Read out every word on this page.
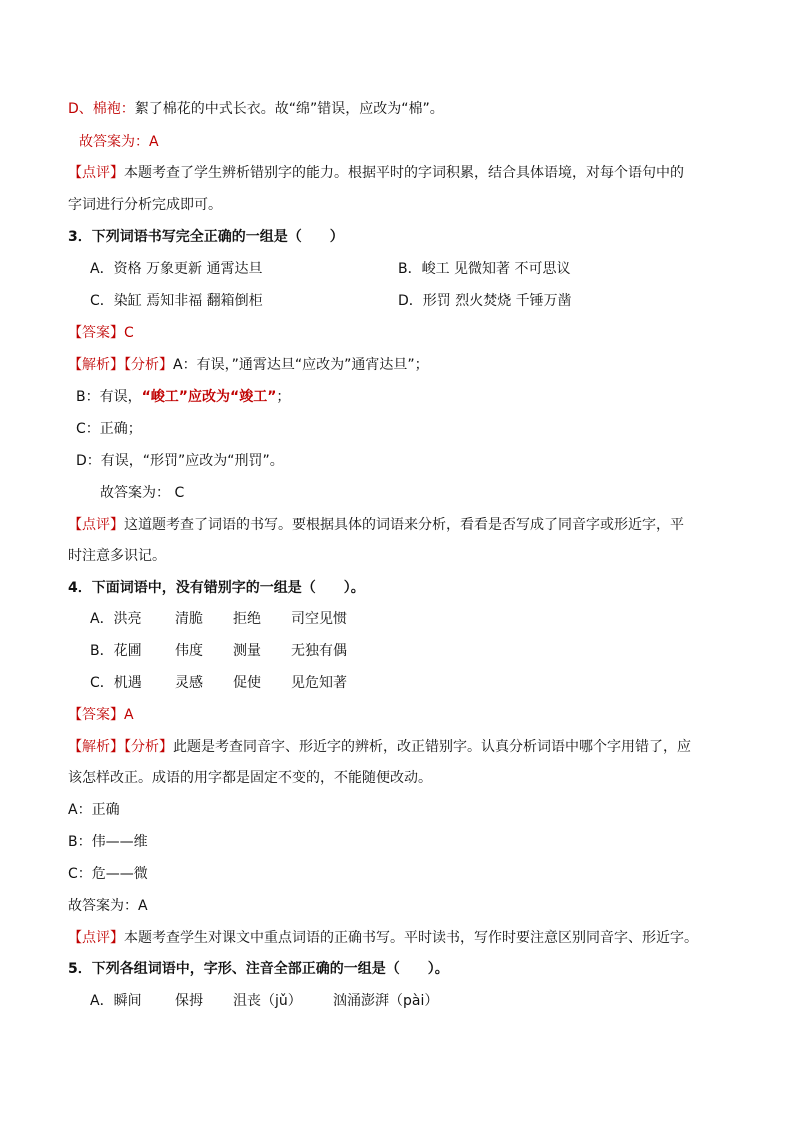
D、棉袍：絮了棉花的中式长衣。故“绵”错误，应改为“棉”。
故答案为：A
【点评】本题考查了学生辨析错别字的能力。根据平时的字词积累，结合具体语境，对每个语句中的
字词进行分析完成即可。
3．下列词语书写完全正确的一组是（　　）
A．资格 万象更新 通霄达旦	B．峻工 见微知著 不可思议
C．染缸 焉知非福 翻箱倒柜	D．形罚 烈火焚烧 千锤万凿
【答案】C
【解析】【分析】A：有误，”通霄达旦“应改为”通宵达旦”；
B：有误，“峻工”应改为“竣工”；
C：正确；
D：有误，“形罚”应改为“刑罚”。
故答案为： C
【点评】这道题考查了词语的书写。要根据具体的词语来分析，看看是否写成了同音字或形近字，平
时注意多识记。
4．下面词语中，没有错别字的一组是（　　）。
A．洪亮 清脆 拒绝 司空见惯
B．花圃 伟度 测量 无独有偶
C．机遇 灵感 促使 见危知著
【答案】A
【解析】【分析】此题是考查同音字、形近字的辨析，改正错别字。认真分析词语中哪个字用错了，应
该怎样改正。成语的用字都是固定不变的，不能随便改动。
A：正确
B：伟——维
C：危——微
故答案为：A
【点评】本题考查学生对课文中重点词语的正确书写。平时读书，写作时要注意区别同音字、形近字。
5．下列各组词语中，字形、注音全部正确的一组是（　　）。
A．瞬间 保拇 沮丧（jǔ） 汹涌澎湃（pài）
